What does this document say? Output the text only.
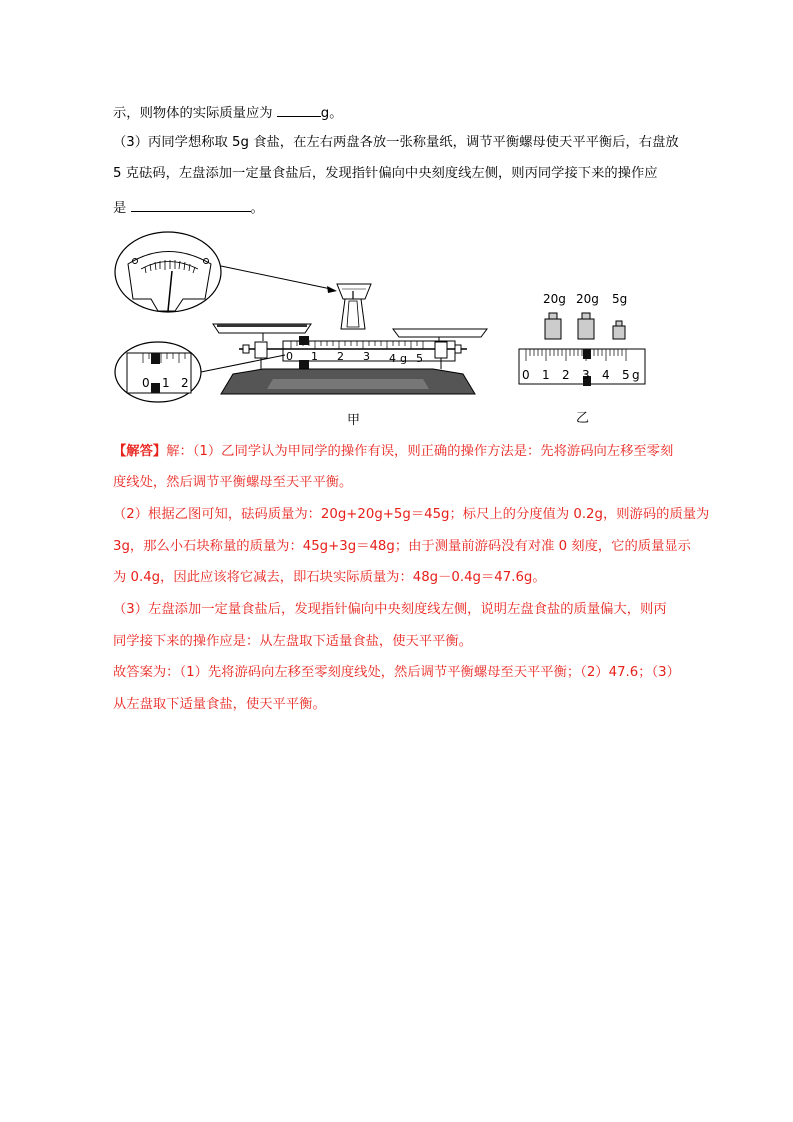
示，则物体的实际质量应为	g。
（3）丙同学想称取 5g 食盐，在左右两盘各放一张称量纸，调节平衡螺母使天平平衡后，右盘放
5 克砝码，左盘添加一定量食盐后，发现指针偏向中央刻度线左侧，则丙同学接下来的操作应
是	。
0 1 2 3 4 g 5
0 1 2
20g 20g 5g
0 1 2 3 4 5 g
甲	乙
【解答】解：（1）乙同学认为甲同学的操作有误，则正确的操作方法是：先将游码向左移至零刻
度线处，然后调节平衡螺母至天平平衡。
（2）根据乙图可知，砝码质量为：20g+20g+5g＝45g；标尺上的分度值为 0.2g，则游码的质量为
3g，那么小石块称量的质量为：45g+3g＝48g；由于测量前游码没有对准 0 刻度，它的质量显示
为 0.4g，因此应该将它减去，即石块实际质量为：48g－0.4g＝47.6g。
（3）左盘添加一定量食盐后，发现指针偏向中央刻度线左侧，说明左盘食盐的质量偏大，则丙
同学接下来的操作应是：从左盘取下适量食盐，使天平平衡。
故答案为：（1）先将游码向左移至零刻度线处，然后调节平衡螺母至天平平衡；（2）47.6；（3）
从左盘取下适量食盐，使天平平衡。
